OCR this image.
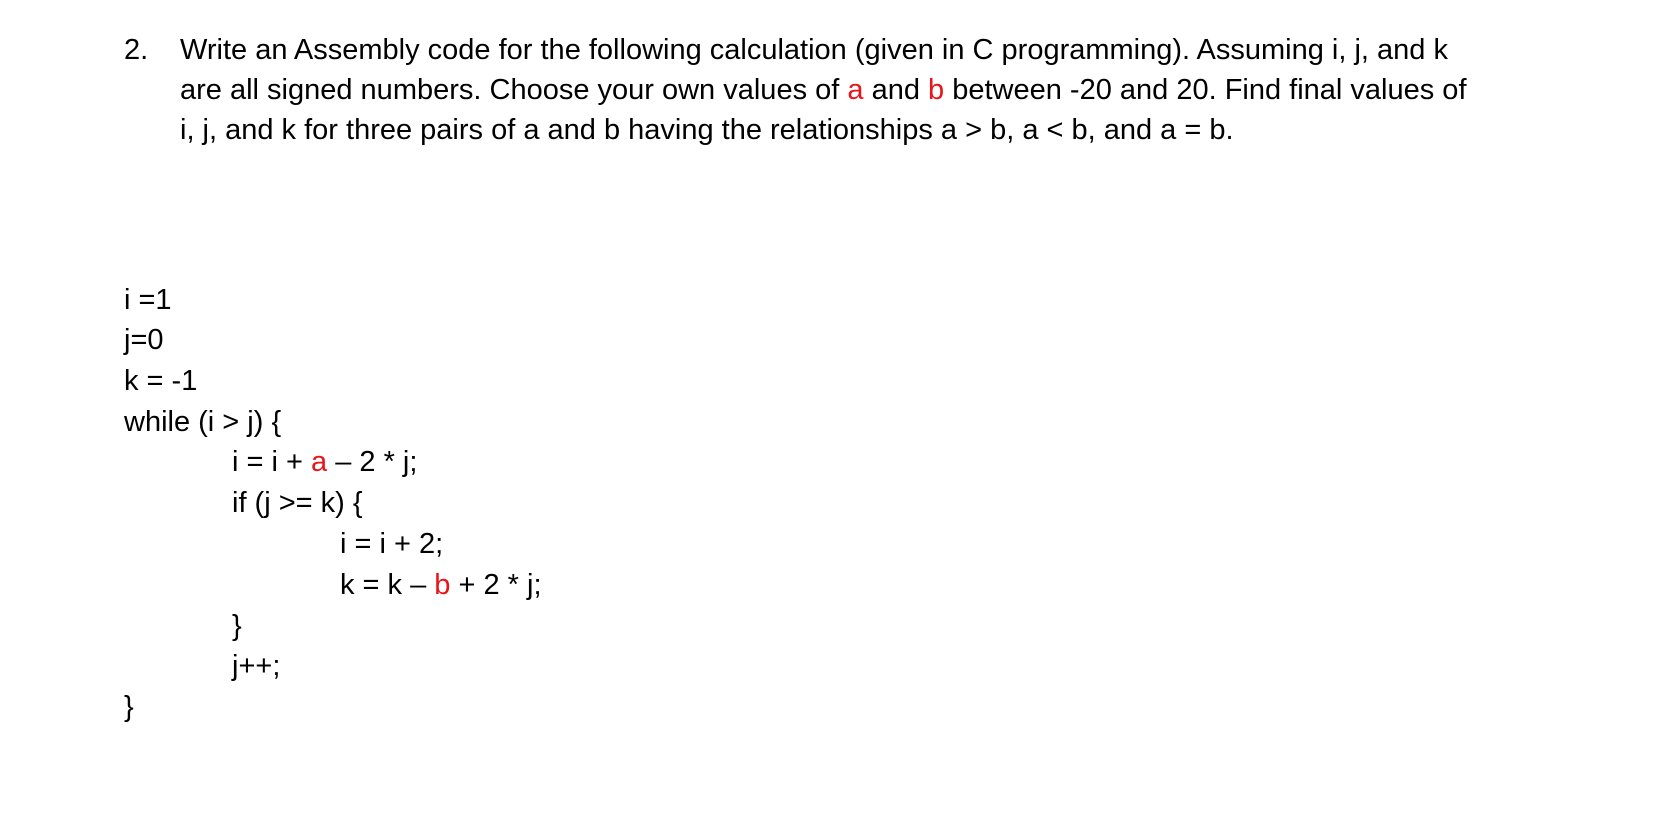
2. Write an Assembly code for the following calculation (given in C programming). Assuming i, j, and k
are all signed numbers. Choose your own values of a and b between -20 and 20. Find final values of
i, j, and k for three pairs of a and b having the relationships a > b, a < b, and a = b.
i =1
j=0
k = -1
while (i > j) {
i = i + a – 2 * j;
if (j >= k) {
i = i + 2;
k = k – b + 2 * j;
}
j++;
}
